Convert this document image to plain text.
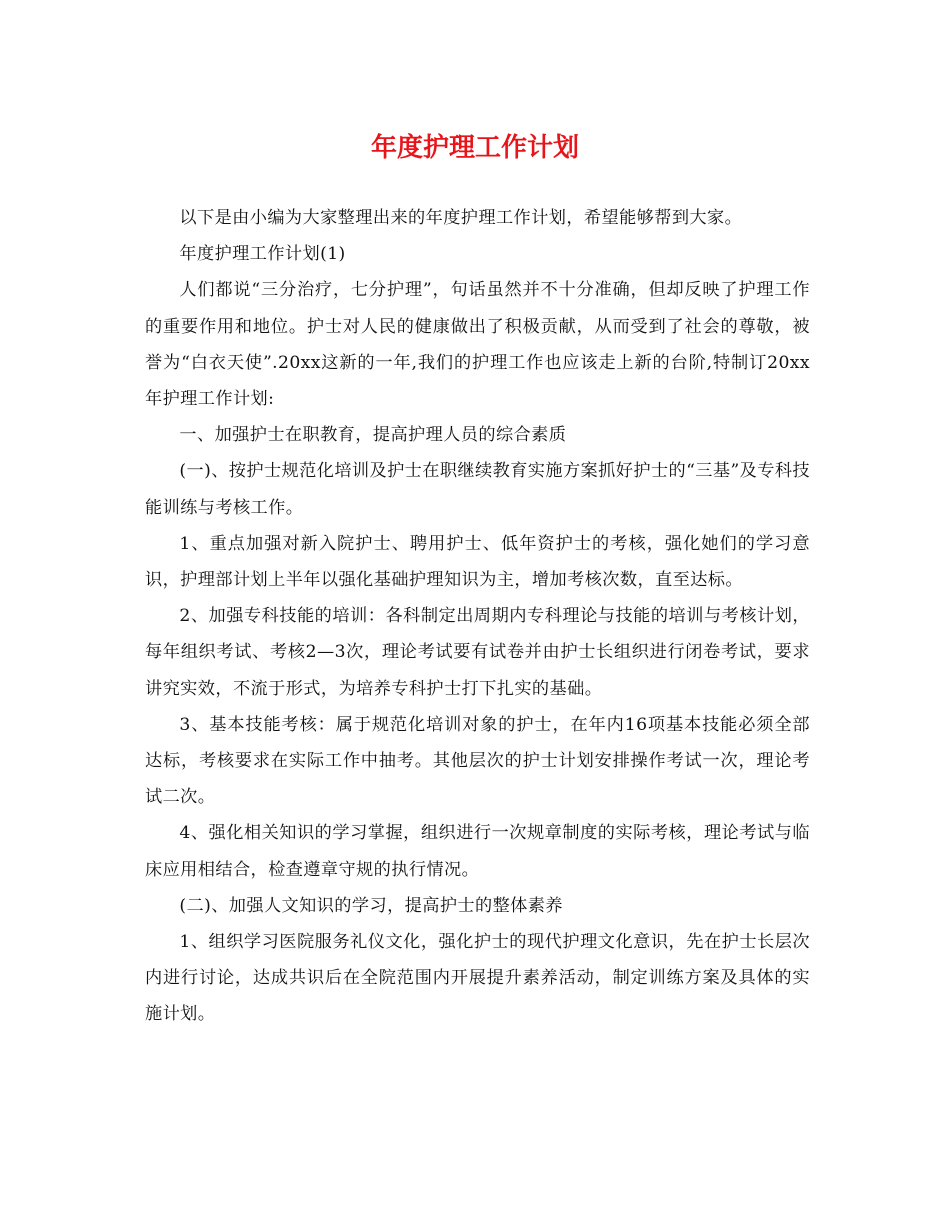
年度护理工作计划

以下是由小编为大家整理出来的年度护理工作计划，希望能够帮到大家。

年度护理工作计划(1)

人们都说“三分治疗，七分护理”，句话虽然并不十分准确，但却反映了护理工作的重要作用和地位。护士对人民的健康做出了积极贡献，从而受到了社会的尊敬，被誉为“白衣天使”.20xx这新的一年,我们的护理工作也应该走上新的台阶,特制订20xx年护理工作计划:

一、加强护士在职教育，提高护理人员的综合素质

(一)、按护士规范化培训及护士在职继续教育实施方案抓好护士的“三基”及专科技能训练与考核工作。

1、重点加强对新入院护士、聘用护士、低年资护士的考核，强化她们的学习意识，护理部计划上半年以强化基础护理知识为主，增加考核次数，直至达标。

2、加强专科技能的培训：各科制定出周期内专科理论与技能的培训与考核计划，每年组织考试、考核2—3次，理论考试要有试卷并由护士长组织进行闭卷考试，要求讲究实效，不流于形式，为培养专科护士打下扎实的基础。

3、基本技能考核：属于规范化培训对象的护士，在年内16项基本技能必须全部达标，考核要求在实际工作中抽考。其他层次的护士计划安排操作考试一次，理论考试二次。

4、强化相关知识的学习掌握，组织进行一次规章制度的实际考核，理论考试与临床应用相结合，检查遵章守规的执行情况。

(二)、加强人文知识的学习，提高护士的整体素养

1、组织学习医院服务礼仪文化，强化护士的现代护理文化意识，先在护士长层次内进行讨论，达成共识后在全院范围内开展提升素养活动，制定训练方案及具体的实施计划。
